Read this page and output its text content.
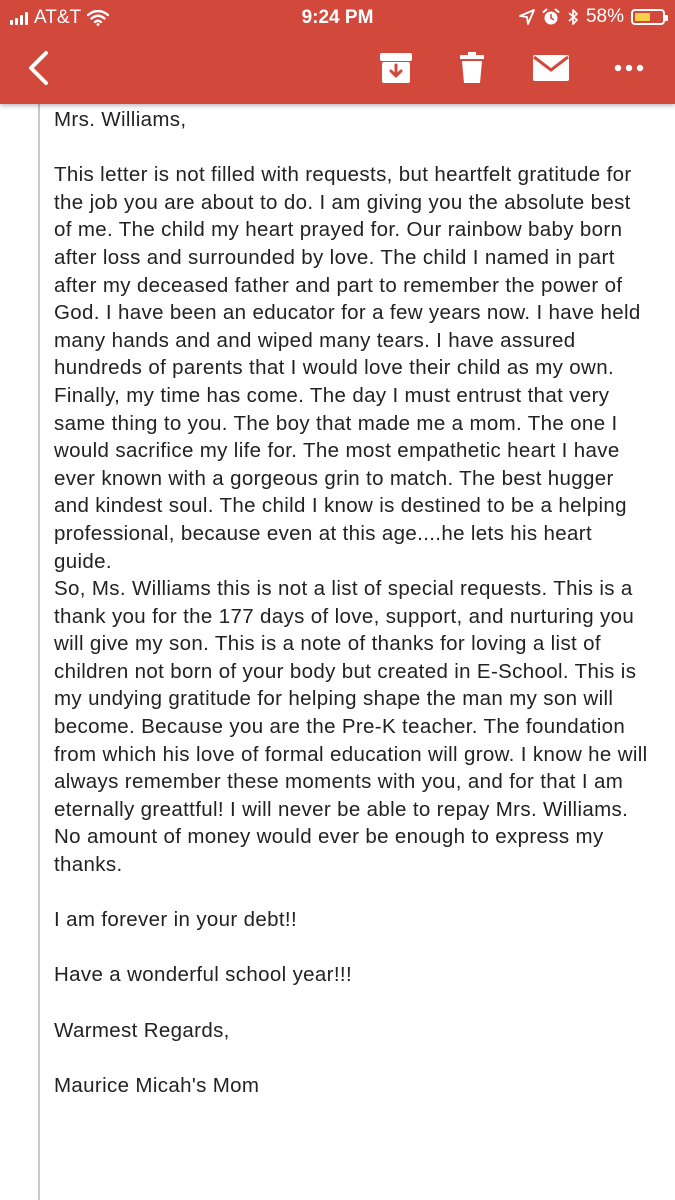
AT&T	9:24 PM	58%

Mrs. Williams,

This letter is not filled with requests, but heartfelt gratitude for the job you are about to do. I am giving you the absolute best of me. The child my heart prayed for. Our rainbow baby born after loss and surrounded by love. The child I named in part after my deceased father and part to remember the power of God. I have been an educator for a few years now. I have held many hands and and wiped many tears. I have assured hundreds of parents that I would love their child as my own. Finally, my time has come. The day I must entrust that very same thing to you. The boy that made me a mom. The one I would sacrifice my life for. The most empathetic heart I have ever known with a gorgeous grin to match. The best hugger and kindest soul. The child I know is destined to be a helping professional, because even at this age....he lets his heart guide.

So, Ms. Williams this is not a list of special requests. This is a thank you for the 177 days of love, support, and nurturing you will give my son. This is a note of thanks for loving a list of children not born of your body but created in E-School. This is my undying gratitude for helping shape the man my son will become. Because you are the Pre-K teacher. The foundation from which his love of formal education will grow. I know he will always remember these moments with you, and for that I am eternally greattful! I will never be able to repay Mrs. Williams.

No amount of money would ever be enough to express my thanks.

I am forever in your debt!!

Have a wonderful school year!!!

Warmest Regards,

Maurice Micah's Mom
